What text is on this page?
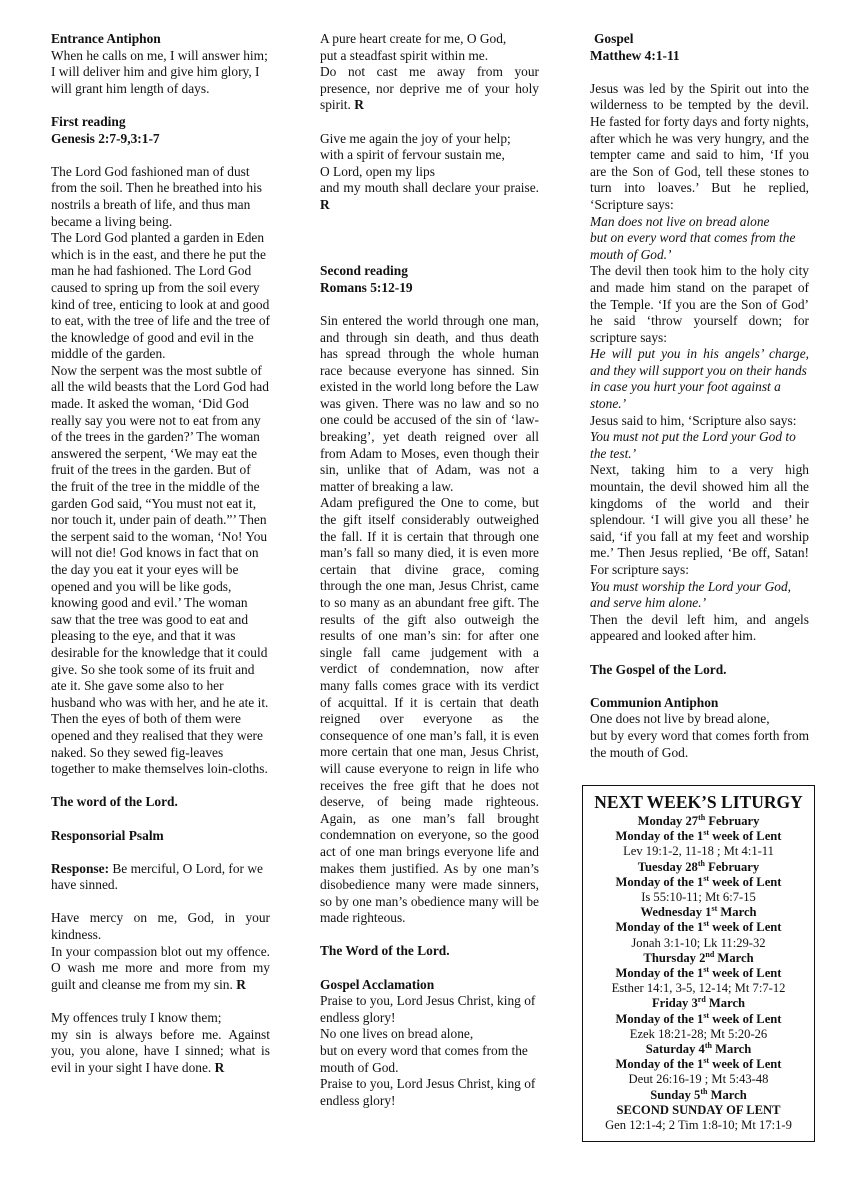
Entrance Antiphon
When he calls on me, I will answer him; I will deliver him and give him glory, I will grant him length of days.
First reading
Genesis 2:7-9,3:1-7
The Lord God fashioned man of dust from the soil. Then he breathed into his nostrils a breath of life, and thus man became a living being.
The Lord God planted a garden in Eden which is in the east, and there he put the man he had fashioned. The Lord God caused to spring up from the soil every kind of tree, enticing to look at and good to eat, with the tree of life and the tree of the knowledge of good and evil in the middle of the garden.
Now the serpent was the most subtle of all the wild beasts that the Lord God had made. It asked the woman, ‘Did God really say you were not to eat from any of the trees in the garden?’ The woman answered the serpent, ‘We may eat the fruit of the trees in the garden. But of the fruit of the tree in the middle of the garden God said, “You must not eat it, nor touch it, under pain of death.”’ Then the serpent said to the woman, ‘No! You will not die! God knows in fact that on the day you eat it your eyes will be opened and you will be like gods, knowing good and evil.’ The woman saw that the tree was good to eat and pleasing to the eye, and that it was desirable for the knowledge that it could give. So she took some of its fruit and ate it. She gave some also to her husband who was with her, and he ate it. Then the eyes of both of them were opened and they realised that they were naked. So they sewed fig-leaves together to make themselves loin-cloths.
The word of the Lord.
Responsorial Psalm
Response: Be merciful, O Lord, for we have sinned.
Have mercy on me, God, in your kindness.
In your compassion blot out my offence. O wash me more and more from my guilt and cleanse me from my sin. R
My offences truly I know them;
my sin is always before me. Against you, you alone, have I sinned; what is evil in your sight I have done. R
A pure heart create for me, O God,
put a steadfast spirit within me.
Do not cast me away from your presence, nor deprive me of your holy spirit. R
Give me again the joy of your help;
with a spirit of fervour sustain me,
O Lord, open my lips
and my mouth shall declare your praise. R
Second reading
Romans 5:12-19
Sin entered the world through one man, and through sin death, and thus death has spread through the whole human race because everyone has sinned. Sin existed in the world long before the Law was given. There was no law and so no one could be accused of the sin of ‘law-breaking’, yet death reigned over all from Adam to Moses, even though their sin, unlike that of Adam, was not a matter of breaking a law.
Adam prefigured the One to come, but the gift itself considerably outweighed the fall. If it is certain that through one man’s fall so many died, it is even more certain that divine grace, coming through the one man, Jesus Christ, came to so many as an abundant free gift. The results of the gift also outweigh the results of one man’s sin: for after one single fall came judgement with a verdict of condemnation, now after many falls comes grace with its verdict of acquittal. If it is certain that death reigned over everyone as the consequence of one man’s fall, it is even more certain that one man, Jesus Christ, will cause everyone to reign in life who receives the free gift that he does not deserve, of being made righteous. Again, as one man’s fall brought condemnation on everyone, so the good act of one man brings everyone life and makes them justified. As by one man’s disobedience many were made sinners, so by one man’s obedience many will be made righteous.
The Word of the Lord.
Gospel Acclamation
Praise to you, Lord Jesus Christ, king of endless glory!
No one lives on bread alone,
but on every word that comes from the mouth of God.
Praise to you, Lord Jesus Christ, king of endless glory!
Gospel
Matthew 4:1-11
Jesus was led by the Spirit out into the wilderness to be tempted by the devil. He fasted for forty days and forty nights, after which he was very hungry, and the tempter came and said to him, ‘If you are the Son of God, tell these stones to turn into loaves.’ But he replied, ‘Scripture says:
Man does not live on bread alone
but on every word that comes from the mouth of God.’
The devil then took him to the holy city and made him stand on the parapet of the Temple. ‘If you are the Son of God’ he said ‘throw yourself down; for scripture says:
He will put you in his angels’ charge, and they will support you on their hands
in case you hurt your foot against a stone.’
Jesus said to him, ‘Scripture also says:
You must not put the Lord your God to the test.’
Next, taking him to a very high mountain, the devil showed him all the kingdoms of the world and their splendour. ‘I will give you all these’ he said, ‘if you fall at my feet and worship me.’ Then Jesus replied, ‘Be off, Satan! For scripture says:
You must worship the Lord your God,
and serve him alone.’
Then the devil left him, and angels appeared and looked after him.
The Gospel of the Lord.
Communion Antiphon
One does not live by bread alone,
but by every word that comes forth from the mouth of God.
NEXT WEEK’S LITURGY
Monday 27th February
Monday of the 1st week of Lent
Lev 19:1-2, 11-18 ; Mt 4:1-11
Tuesday 28th February
Monday of the 1st week of Lent
Is 55:10-11; Mt 6:7-15
Wednesday 1st March
Monday of the 1st week of Lent
Jonah 3:1-10; Lk 11:29-32
Thursday 2nd March
Monday of the 1st week of Lent
Esther 14:1, 3-5, 12-14; Mt 7:7-12
Friday 3rd March
Monday of the 1st week of Lent
Ezek 18:21-28; Mt 5:20-26
Saturday 4th March
Monday of the 1st week of Lent
Deut 26:16-19 ; Mt 5:43-48
Sunday 5th March
SECOND SUNDAY OF LENT
Gen 12:1-4; 2 Tim 1:8-10; Mt 17:1-9
